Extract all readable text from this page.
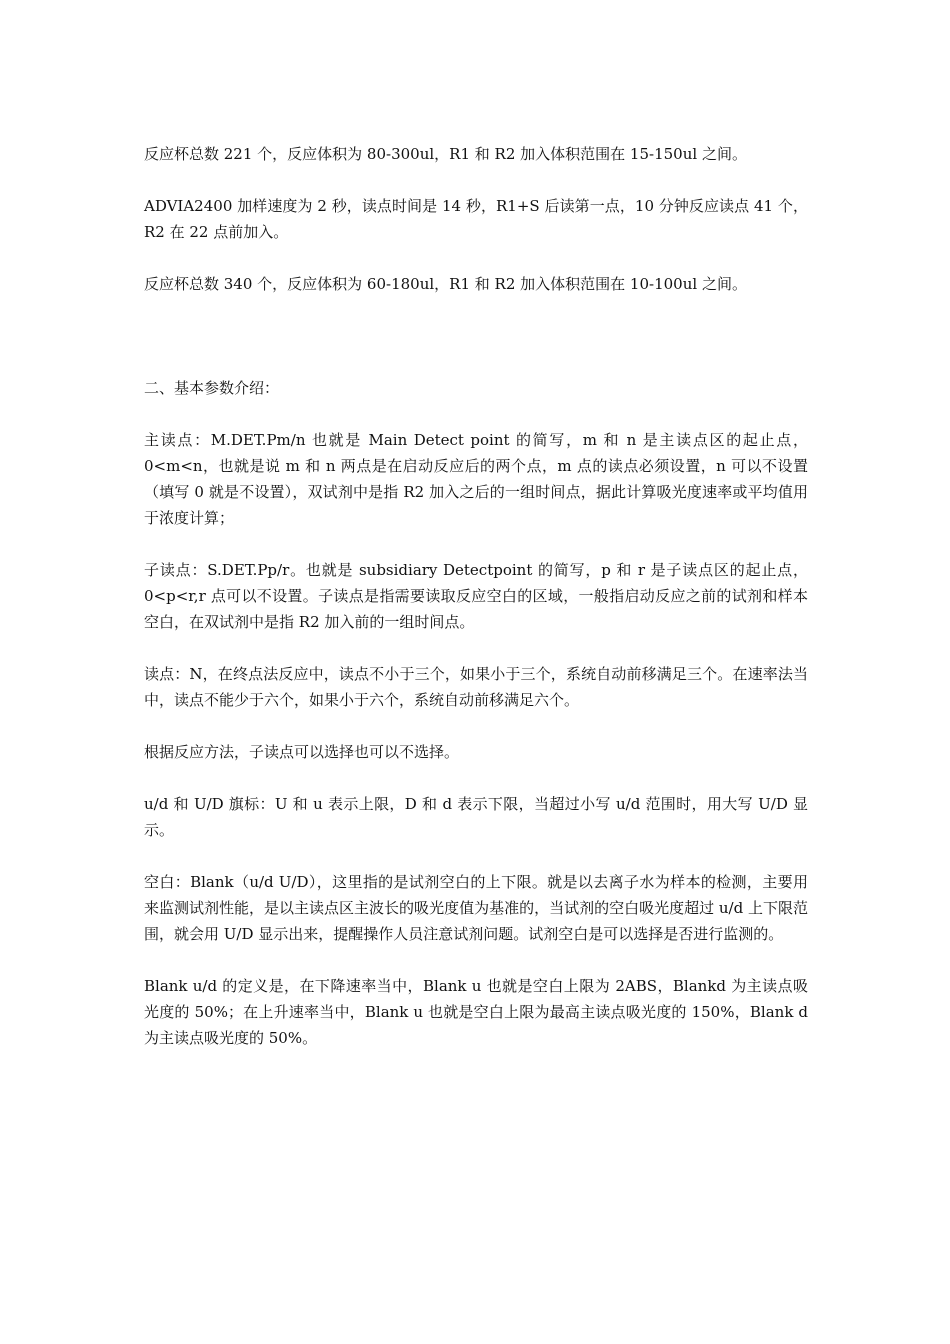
反应杯总数 221 个，反应体积为 80-300ul，R1 和 R2 加入体积范围在 15-150ul 之间。

ADVIA2400 加样速度为 2 秒，读点时间是 14 秒，R1+S 后读第一点，10 分钟反应读点 41 个，R2 在 22 点前加入。

反应杯总数 340 个，反应体积为 60-180ul，R1 和 R2 加入体积范围在 10-100ul 之间。

二、基本参数介绍：

主读点：M.DET.Pm/n 也就是 Main Detect point 的简写，m 和 n 是主读点区的起止点，0<m<n，也就是说 m 和 n 两点是在启动反应后的两个点，m 点的读点必须设置，n 可以不设置（填写 0 就是不设置），双试剂中是指 R2 加入之后的一组时间点，据此计算吸光度速率或平均值用于浓度计算；

子读点：S.DET.Pp/r。也就是 subsidiary Detectpoint 的简写，p 和 r 是子读点区的起止点，0<p<r,r 点可以不设置。子读点是指需要读取反应空白的区域，一般指启动反应之前的试剂和样本空白，在双试剂中是指 R2 加入前的一组时间点。

读点：N，在终点法反应中，读点不小于三个，如果小于三个，系统自动前移满足三个。在速率法当中，读点不能少于六个，如果小于六个，系统自动前移满足六个。

根据反应方法，子读点可以选择也可以不选择。

u/d 和 U/D 旗标：U 和 u 表示上限，D 和 d 表示下限，当超过小写 u/d 范围时，用大写 U/D 显示。

空白：Blank（u/d U/D），这里指的是试剂空白的上下限。就是以去离子水为样本的检测，主要用来监测试剂性能，是以主读点区主波长的吸光度值为基准的，当试剂的空白吸光度超过 u/d 上下限范围，就会用 U/D 显示出来，提醒操作人员注意试剂问题。试剂空白是可以选择是否进行监测的。

Blank u/d 的定义是，在下降速率当中，Blank u 也就是空白上限为 2ABS，Blankd 为主读点吸光度的 50%；在上升速率当中，Blank u 也就是空白上限为最高主读点吸光度的 150%，Blank d 为主读点吸光度的 50%。
